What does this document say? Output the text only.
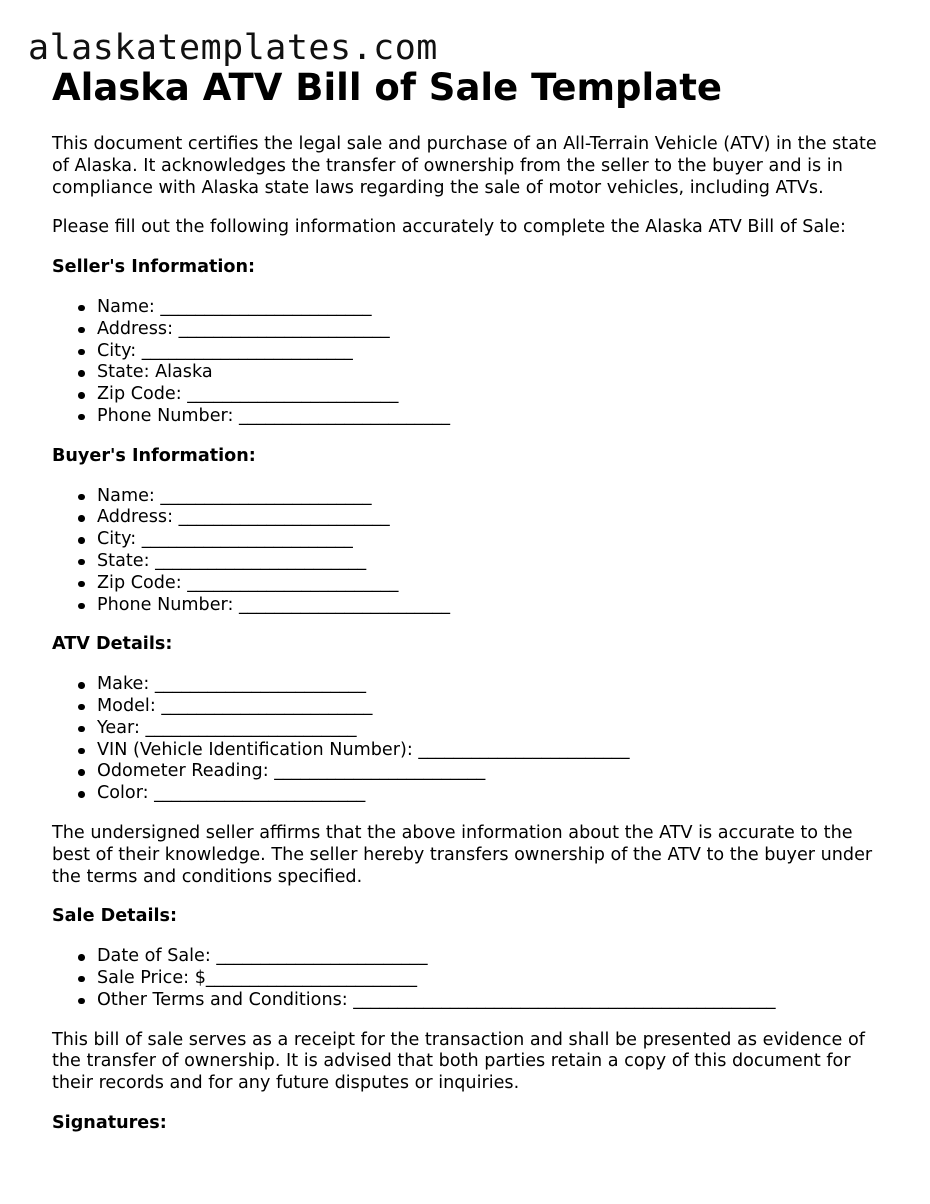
alaskatemplates.com
Alaska ATV Bill of Sale Template

This document certifies the legal sale and purchase of an All-Terrain Vehicle (ATV) in the state of Alaska. It acknowledges the transfer of ownership from the seller to the buyer and is in compliance with Alaska state laws regarding the sale of motor vehicles, including ATVs.

Please fill out the following information accurately to complete the Alaska ATV Bill of Sale:

Seller's Information:
Name: ________________________
Address: ________________________
City: ________________________
State: Alaska
Zip Code: ________________________
Phone Number: ________________________
Buyer's Information:
Name: ________________________
Address: ________________________
City: ________________________
State: ________________________
Zip Code: ________________________
Phone Number: ________________________
ATV Details:
Make: ________________________
Model: ________________________
Year: ________________________
VIN (Vehicle Identification Number): ________________________
Odometer Reading: ________________________
Color: ________________________

The undersigned seller affirms that the above information about the ATV is accurate to the best of their knowledge. The seller hereby transfers ownership of the ATV to the buyer under the terms and conditions specified.

Sale Details:
Date of Sale: ________________________
Sale Price: $________________________
Other Terms and Conditions: ________________________________________________

This bill of sale serves as a receipt for the transaction and shall be presented as evidence of the transfer of ownership. It is advised that both parties retain a copy of this document for their records and for any future disputes or inquiries.

Signatures:
